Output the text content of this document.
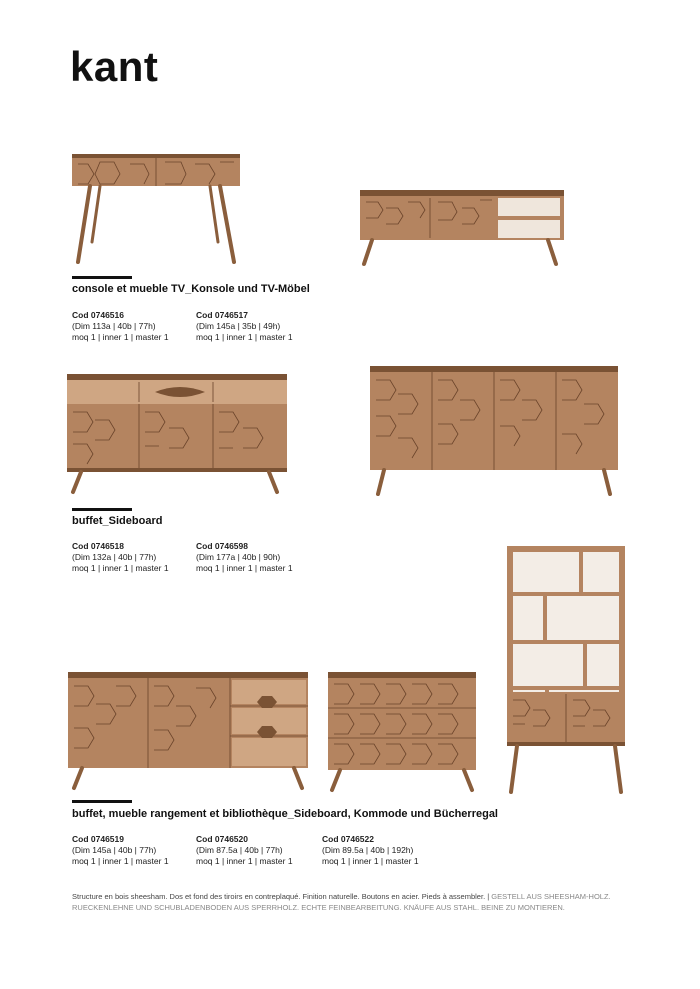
kant
console et mueble TV_Konsole und TV-Möbel
Cod 0746516
(Dim 113a | 40b | 77h)
moq 1 | inner 1 | master 1
Cod 0746517
(Dim 145a | 35b | 49h)
moq 1 | inner 1 | master 1
buffet_Sideboard
Cod 0746518
(Dim 132a | 40b | 77h)
moq 1 | inner 1 | master 1
Cod 0746598
(Dim 177a | 40b | 90h)
moq 1 | inner 1 | master 1
buffet, mueble rangement et bibliothèque_Sideboard, Kommode und Bücherregal
Cod 0746519
(Dim 145a | 40b | 77h)
moq 1 | inner 1 | master 1
Cod 0746520
(Dim 87.5a | 40b | 77h)
moq 1 | inner 1 | master 1
Cod 0746522
(Dim 89.5a | 40b | 192h)
moq 1 | inner 1 | master 1
Structure en bois sheesham. Dos et fond des tiroirs en contreplaqué. Finition naturelle. Boutons en acier. Pieds à assembler. | GESTELL AUS SHEESHAM-HOLZ. RUECKENLEHNE UND SCHUBLADENBODEN AUS SPERRHOLZ. ECHTE FEINBEARBEITUNG. KNÄUFE AUS STAHL. BEINE ZU MONTIEREN.
